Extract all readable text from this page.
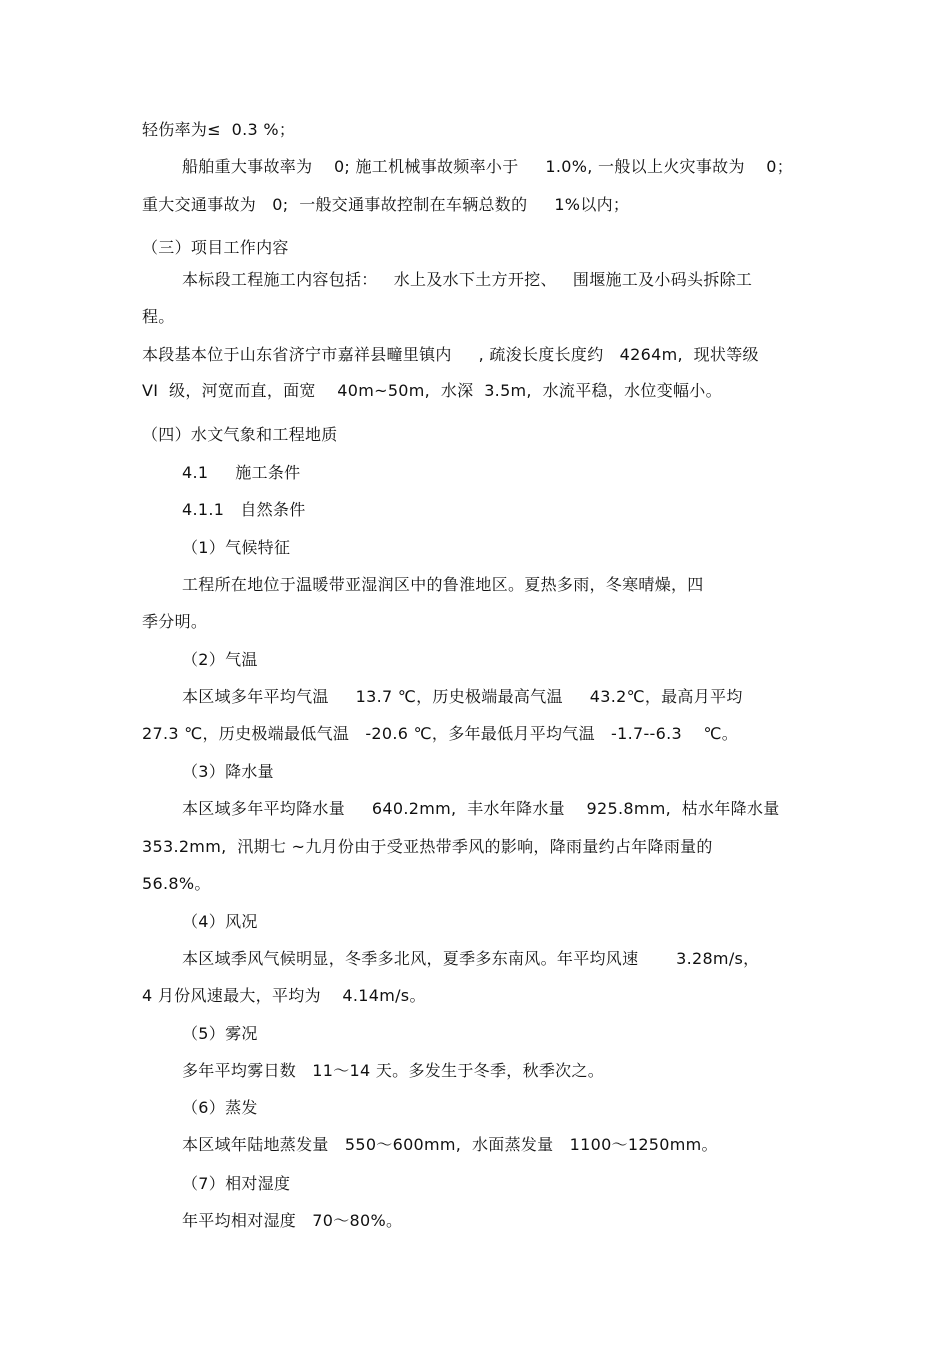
轻伤率为≤  0.3 %；
船舶重大事故率为    0; 施工机械事故频率小于     1.0%, 一般以上火灾事故为    0；
重大交通事故为   0;  一般交通事故控制在车辆总数的     1%以内；
（三）项目工作内容
本标段工程施工内容包括：   水上及水下土方开挖、   围堰施工及小码头拆除工
程。
本段基本位于山东省济宁市嘉祥县疃里镇内     , 疏浚长度长度约   4264m,  现状等级
VI  级，河宽而直，面宽    40m~50m,  水深  3.5m,  水流平稳，水位变幅小。
（四）水文气象和工程地质
4.1     施工条件
4.1.1   自然条件
（1）气候特征
工程所在地位于温暖带亚湿润区中的鲁淮地区。夏热多雨，冬寒晴燥，四
季分明。
（2）气温
本区域多年平均气温     13.7 ℃，历史极端最高气温     43.2℃，最高月平均
27.3 ℃，历史极端最低气温   -20.6 ℃，多年最低月平均气温   -1.7--6.3    ℃。
（3）降水量
本区域多年平均降水量     640.2mm,  丰水年降水量    925.8mm,  枯水年降水量
353.2mm,  汛期七 ~九月份由于受亚热带季风的影响，降雨量约占年降雨量的
56.8%。
（4）风况
本区域季风气候明显，冬季多北风，夏季多东南风。年平均风速       3.28m/s，
4 月份风速最大，平均为    4.14m/s。
（5）雾况
多年平均雾日数   11～14 天。多发生于冬季，秋季次之。
（6）蒸发
本区域年陆地蒸发量   550～600mm,  水面蒸发量   1100～1250mm。
（7）相对湿度
年平均相对湿度   70～80%。
